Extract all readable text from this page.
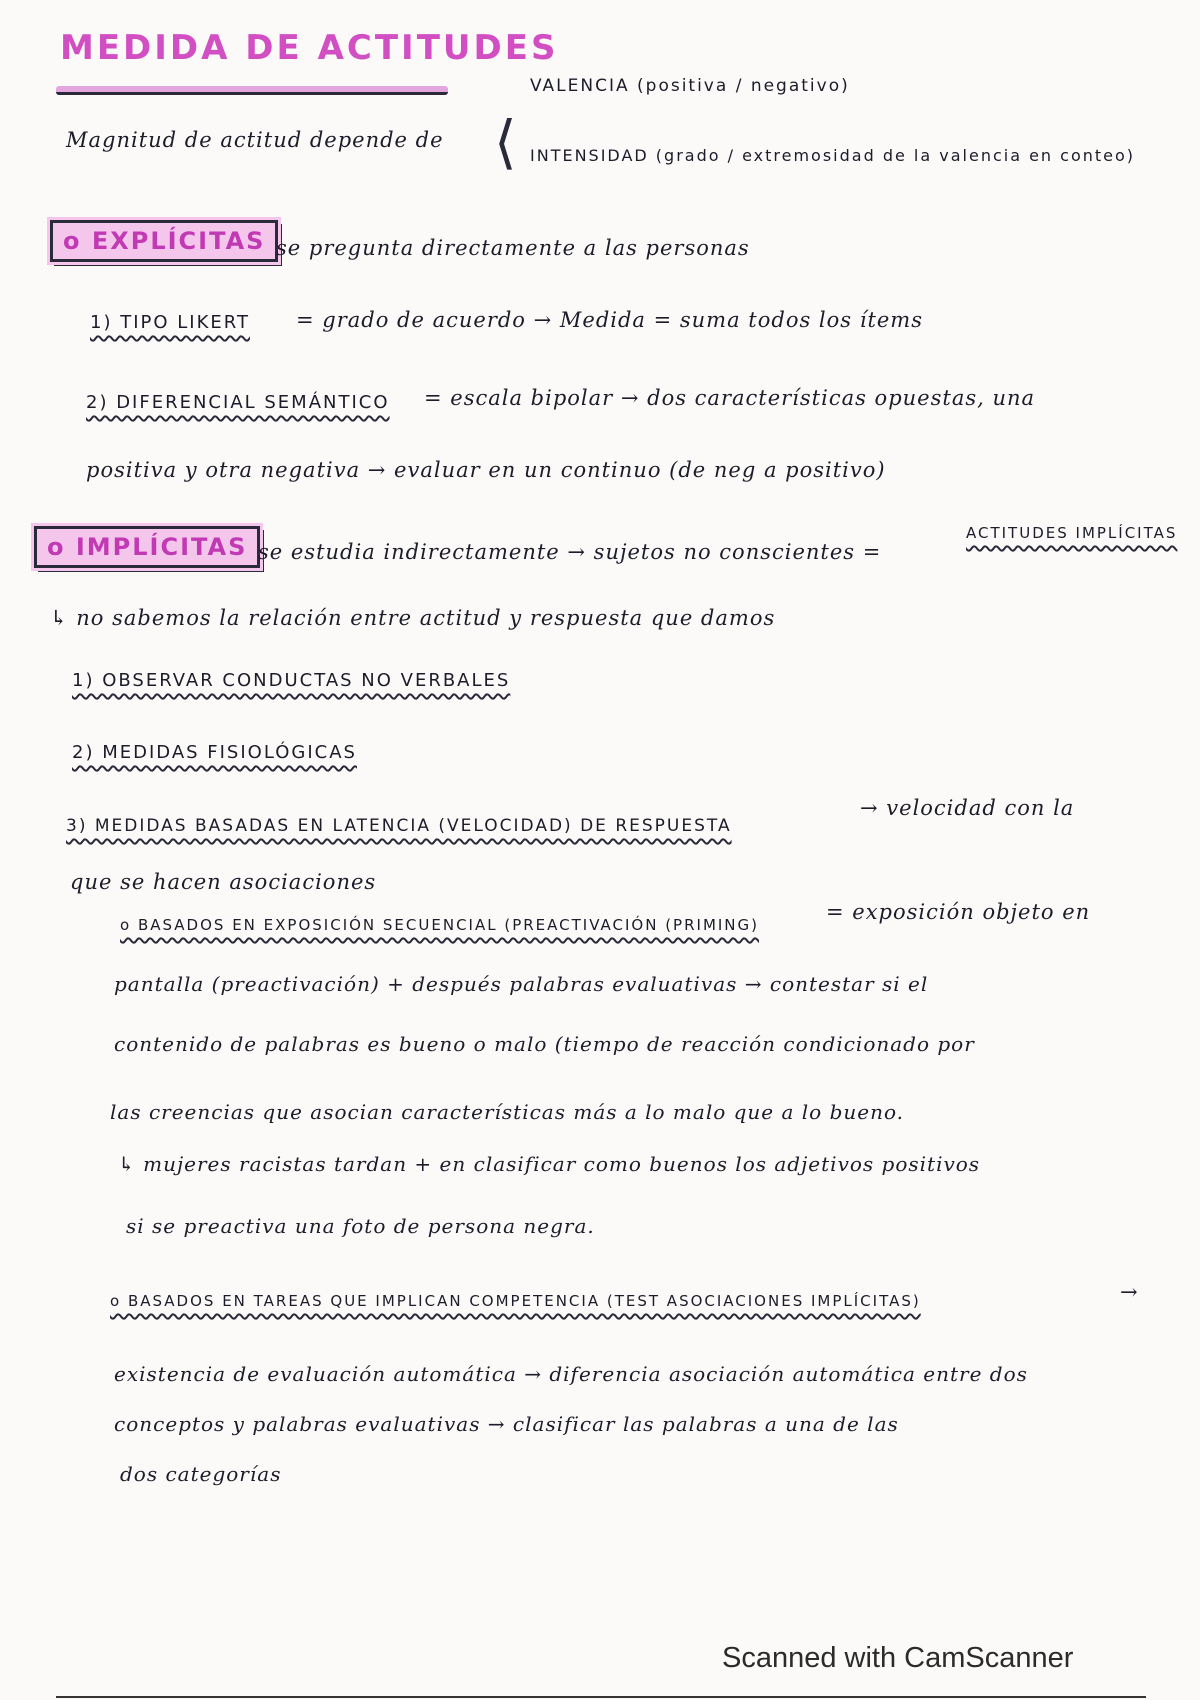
MEDIDA DE ACTITUDES
Magnitud de actitud depende de ⟨
VALENCIA (positiva / negativo)
INTENSIDAD (grado / extremosidad de la valencia en conteo)
o EXPLÍCITAS se pregunta directamente a las personas
1) TIPO LIKERT = grado de acuerdo → Medida = suma todos los ítems
2) DIFERENCIAL SEMÁNTICO = escala bipolar → dos características opuestas, una
positiva y otra negativa → evaluar en un continuo (de neg a positivo)
o IMPLÍCITAS se estudia indirectamente → sujetos no conscientes =
ACTITUDES IMPLÍCITAS
↳ no sabemos la relación entre actitud y respuesta que damos
1) OBSERVAR CONDUCTAS NO VERBALES
2) MEDIDAS FISIOLÓGICAS
3) MEDIDAS BASADAS EN LATENCIA (VELOCIDAD) DE RESPUESTA
→ velocidad con la
que se hacen asociaciones
o BASADOS EN EXPOSICIÓN SECUENCIAL (PREACTIVACIÓN (PRIMING)
= exposición objeto en
pantalla (preactivación) + después palabras evaluativas → contestar si el
contenido de palabras es bueno o malo (tiempo de reacción condicionado por
las creencias que asocian características más a lo malo que a lo bueno.
↳ mujeres racistas tardan + en clasificar como buenos los adjetivos positivos
si se preactiva una foto de persona negra.
o BASADOS EN TAREAS QUE IMPLICAN COMPETENCIA (TEST ASOCIACIONES IMPLÍCITAS)	→
existencia de evaluación automática → diferencia asociación automática entre dos
conceptos y palabras evaluativas → clasificar las palabras a una de las
dos categorías
Scanned with CamScanner
